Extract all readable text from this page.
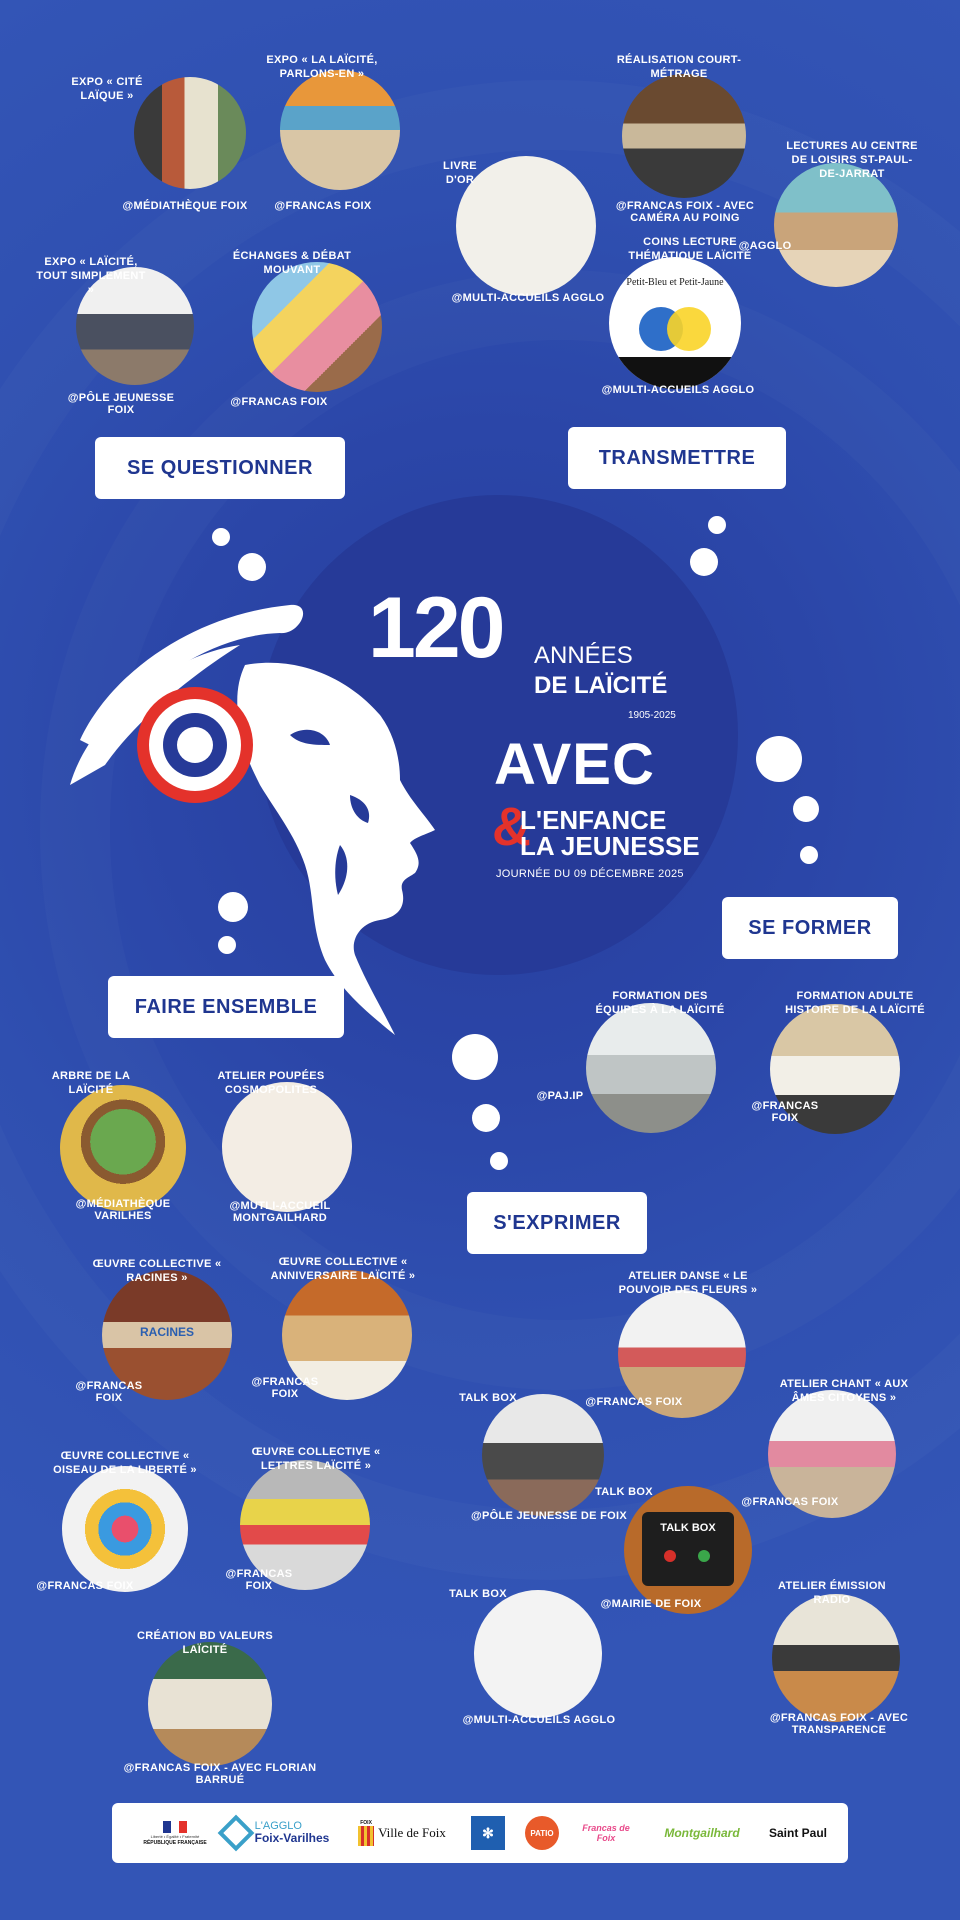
120 ANNÉES
DE LAÏCITÉ
1905-2025
AVEC
&
L'ENFANCE
LA JEUNESSE
JOURNÉE DU 09 DÉCEMBRE 2025
SE QUESTIONNER	TRANSMETTRE
SE FORMER
FAIRE ENSEMBLE
S'EXPRIMER
EXPO « CITÉ LAÏQUE »
@MÉDIATHÈQUE FOIX
EXPO « LA LAÏCITÉ, PARLONS-EN »
@FRANCAS FOIX
EXPO « LAÏCITÉ, TOUT SIMPLEMENT »
@PÔLE JEUNESSE FOIX
ÉCHANGES & DÉBAT MOUVANT
@FRANCAS FOIX
RÉALISATION COURT-MÉTRAGE
@FRANCAS FOIX - AVEC CAMÉRA AU POING
LIVRE D'OR
@MULTI-ACCUEILS AGGLO
LECTURES AU CENTRE DE LOISIRS ST-PAUL-DE-JARRAT
@AGGLO
Petit-Bleu et Petit-Jaune
COINS LECTURE THÉMATIQUE LAÏCITÉ
@MULTI-ACCUEILS AGGLO
FORMATION DES ÉQUIPES À LA LAÏCITÉ
@PAJ.IP
FORMATION ADULTE HISTOIRE DE LA LAÏCITÉ
@FRANCAS FOIX
ARBRE DE LA LAÏCITÉ
@MÉDIATHÈQUE VARILHES
ATELIER POUPÉES COSMOPOLITES
@MUTLI-ACCUEIL MONTGAILHARD
RACINES
ŒUVRE COLLECTIVE « RACINES »
@FRANCAS FOIX
ŒUVRE COLLECTIVE « ANNIVERSAIRE LAÏCITÉ »
@FRANCAS FOIX
ŒUVRE COLLECTIVE « OISEAU DE LA LIBERTÉ »
@FRANCAS FOIX
ŒUVRE COLLECTIVE « LETTRES LAÏCITÉ »
@FRANCAS FOIX
CRÉATION BD VALEURS LAÏCITÉ
@FRANCAS FOIX - AVEC FLORIAN BARRUÉ
ATELIER DANSE « LE POUVOIR DES FLEURS »
@FRANCAS FOIX
TALK BOX
@PÔLE JEUNESSE DE FOIX
ATELIER CHANT « AUX ÂMES CITOYENS »
@FRANCAS FOIX
TALK BOX
TALK BOX
@MAIRIE DE FOIX
TALK BOX
@MULTI-ACCUEILS AGGLO
ATELIER ÉMISSION RADIO
@FRANCAS FOIX - AVEC TRANSPARENCE
Liberté • Égalité • Fraternité
RÉPUBLIQUE FRANÇAISE
L'AGGLO
Foix-Varilhes
FOIX
Ville de Foix	✻	PATIO	Francas de Foix	Montgailhard Saint Paul
